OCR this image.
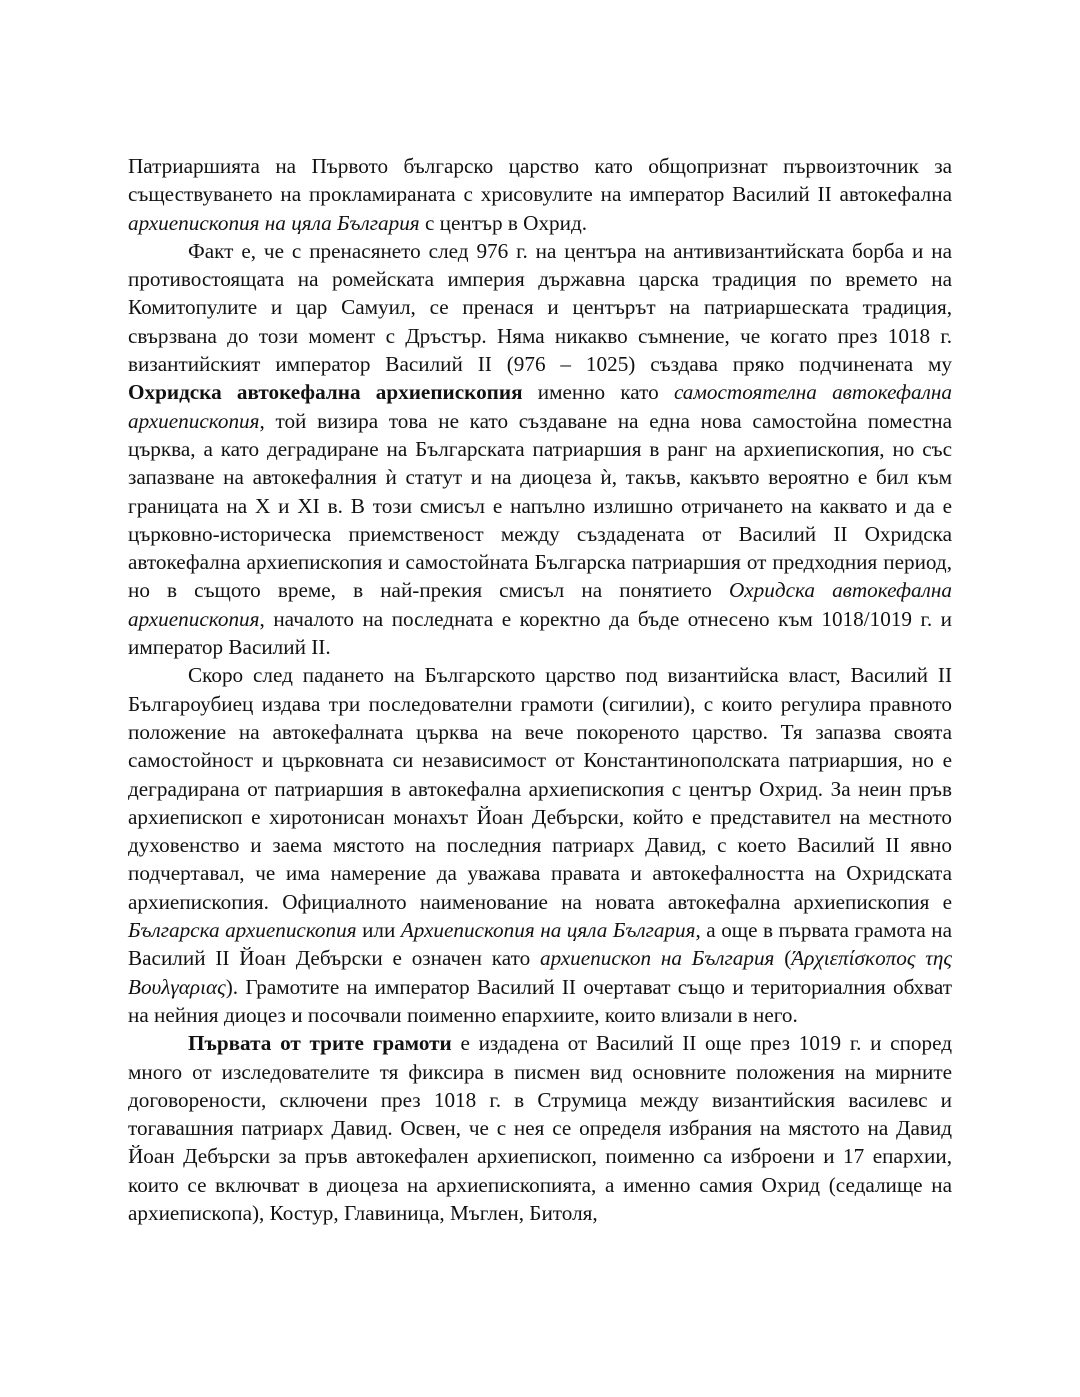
Патриаршията на Първото българско царство като общопризнат първоизточник за съществуването на прокламираната с хрисовулите на император Василий II автокефална архиепископия на цяла България с център в Охрид.

Факт е, че с пренасянето след 976 г. на центъра на антивизантийската борба и на противостоящата на ромейската империя държавна царска традиция по времето на Комитопулите и цар Самуил, се пренася и центърът на патриаршеската традиция, свързвана до този момент с Дръстър. Няма никакво съмнение, че когато през 1018 г. византийският император Василий II (976 – 1025) създава пряко подчинената му Охридска автокефална архиепископия именно като самостоятелна автокефална архиепископия, той визира това не като създаване на една нова самостойна поместна църква, а като деградиране на Българската патриаршия в ранг на архиепископия, но със запазване на автокефалния ѝ статут и на диоцеза ѝ, такъв, какъвто вероятно е бил към границата на X и XI в. В този смисъл е напълно излишно отричането на каквато и да е църковно-историческа приемственост между създадената от Василий II Охридска автокефална архиепископия и самостойната Българска патриаршия от предходния период, но в същото време, в най-прекия смисъл на понятието Охридска автокефална архиепископия, началото на последната е коректно да бъде отнесено към 1018/1019 г. и император Василий II.

Скоро след падането на Българското царство под византийска власт, Василий II Българоубиец издава три последователни грамоти (сигилии), с които регулира правното положение на автокефалната църква на вече покореното царство. Тя запазва своята самостойност и църковната си независимост от Константинополската патриаршия, но е деградирана от патриаршия в автокефална архиепископия с център Охрид. За неин пръв архиепископ е хиротонисан монахът Йоан Дебърски, който е представител на местното духовенство и заема мястото на последния патриарх Давид, с което Василий II явно подчертавал, че има намерение да уважава правата и автокефалността на Охридската архиепископия. Официалното наименование на новата автокефална архиепископия е Българска архиепископия или Архиепископия на цяла България, а още в първата грамота на Василий II Йоан Дебърски е означен като архиепископ на България (Άρχιεπίσκοπος της Βουλγαριας). Грамотите на император Василий II очертават също и териториалния обхват на нейния диоцез и посочвали поименно епархиите, които влизали в него.

Първата от трите грамоти е издадена от Василий II още през 1019 г. и според много от изследователите тя фиксира в писмен вид основните положения на мирните договорености, сключени през 1018 г. в Струмица между византийския василевс и тогавашния патриарх Давид. Освен, че с нея се определя избрания на мястото на Давид Йоан Дебърски за пръв автокефален архиепископ, поименно са изброени и 17 епархии, които се включват в диоцеза на архиепископията, а именно самия Охрид (седалище на архиепископа), Костур, Главиница, Мъглен, Битоля,
